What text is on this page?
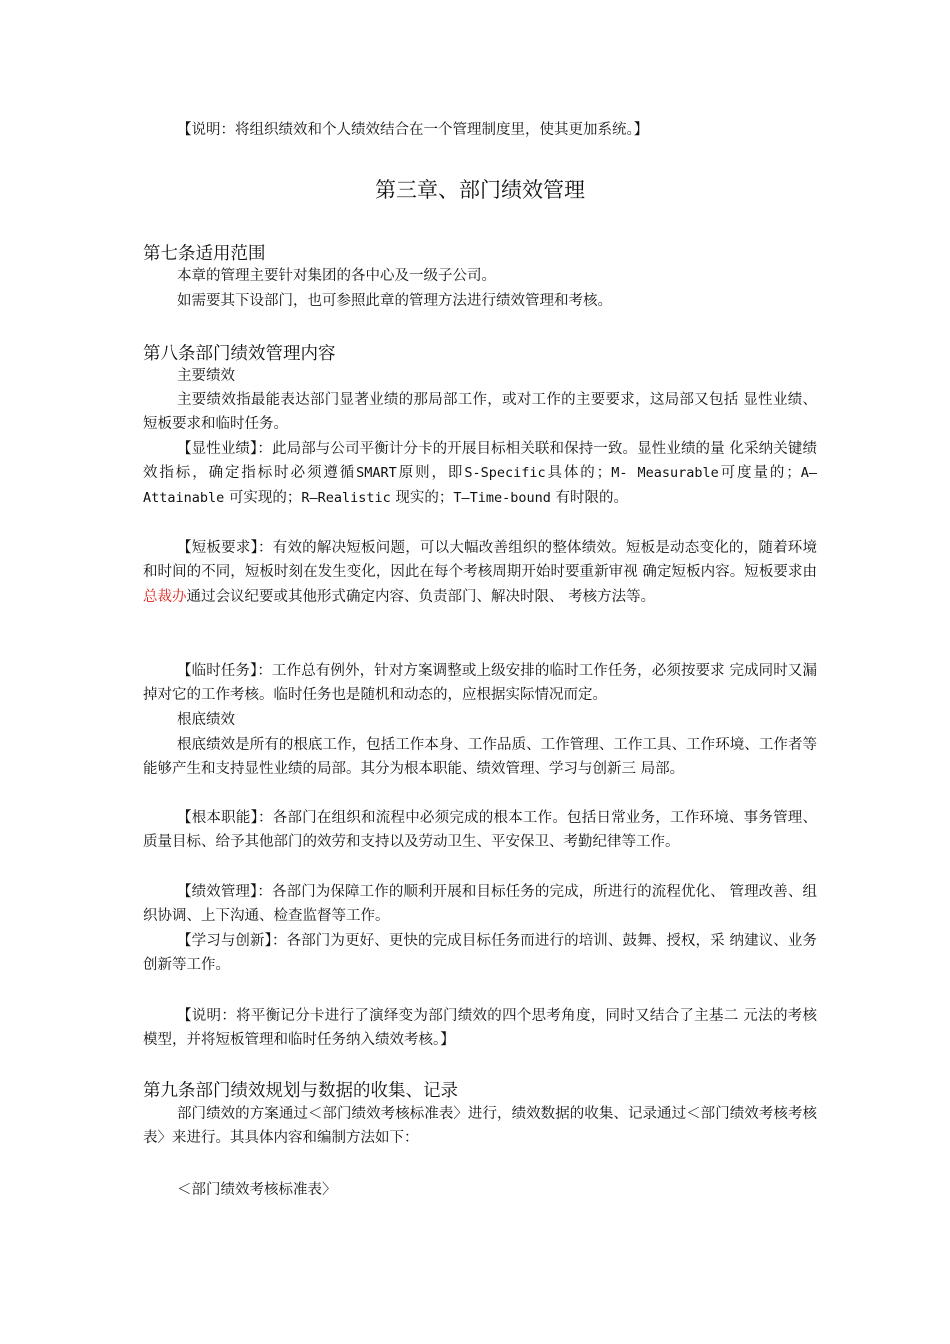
【说明：将组织绩效和个人绩效结合在一个管理制度里，使其更加系统。】
第三章、部门绩效管理
第七条适用范围
本章的管理主要针对集团的各中心及一级子公司。
如需要其下设部门，也可参照此章的管理方法进行绩效管理和考核。
第八条部门绩效管理内容
主要绩效
主要绩效指最能表达部门显著业绩的那局部工作，或对工作的主要要求，这局部又包括 显性业绩、短板要求和临时任务。
【显性业绩】：此局部与公司平衡计分卡的开展目标相关联和保持一致。显性业绩的量 化采纳关键绩效指标，确定指标时必须遵循SMART原则，即S-Specific具体的；M- Measurable可度量的；A—Attainable 可实现的；R—Realistic 现实的；T—Time-bound 有时限的。
【短板要求】：有效的解决短板问题，可以大幅改善组织的整体绩效。短板是动态变化的，随着环境和时间的不同，短板时刻在发生变化，因此在每个考核周期开始时要重新审视 确定短板内容。短板要求由总裁办通过会议纪要或其他形式确定内容、负责部门、解决时限、 考核方法等。
【临时任务】：工作总有例外，针对方案调整或上级安排的临时工作任务，必须按要求 完成同时又漏掉对它的工作考核。临时任务也是随机和动态的，应根据实际情况而定。
根底绩效
根底绩效是所有的根底工作，包括工作本身、工作品质、工作管理、工作工具、工作环境、工作者等能够产生和支持显性业绩的局部。其分为根本职能、绩效管理、学习与创新三 局部。
【根本职能】：各部门在组织和流程中必须完成的根本工作。包括日常业务，工作环境、事务管理、质量目标、给予其他部门的效劳和支持以及劳动卫生、平安保卫、考勤纪律等工作。
【绩效管理】：各部门为保障工作的顺利开展和目标任务的完成，所进行的流程优化、 管理改善、组织协调、上下沟通、检查监督等工作。
【学习与创新】：各部门为更好、更快的完成目标任务而进行的培训、鼓舞、授权，采 纳建议、业务创新等工作。
【说明：将平衡记分卡进行了演绎变为部门绩效的四个思考角度，同时又结合了主基二 元法的考核模型，并将短板管理和临时任务纳入绩效考核。】
第九条部门绩效规划与数据的收集、记录
部门绩效的方案通过＜部门绩效考核标准表〉进行，绩效数据的收集、记录通过＜部门绩效考核考核表〉来进行。其具体内容和编制方法如下：
＜部门绩效考核标准表〉
